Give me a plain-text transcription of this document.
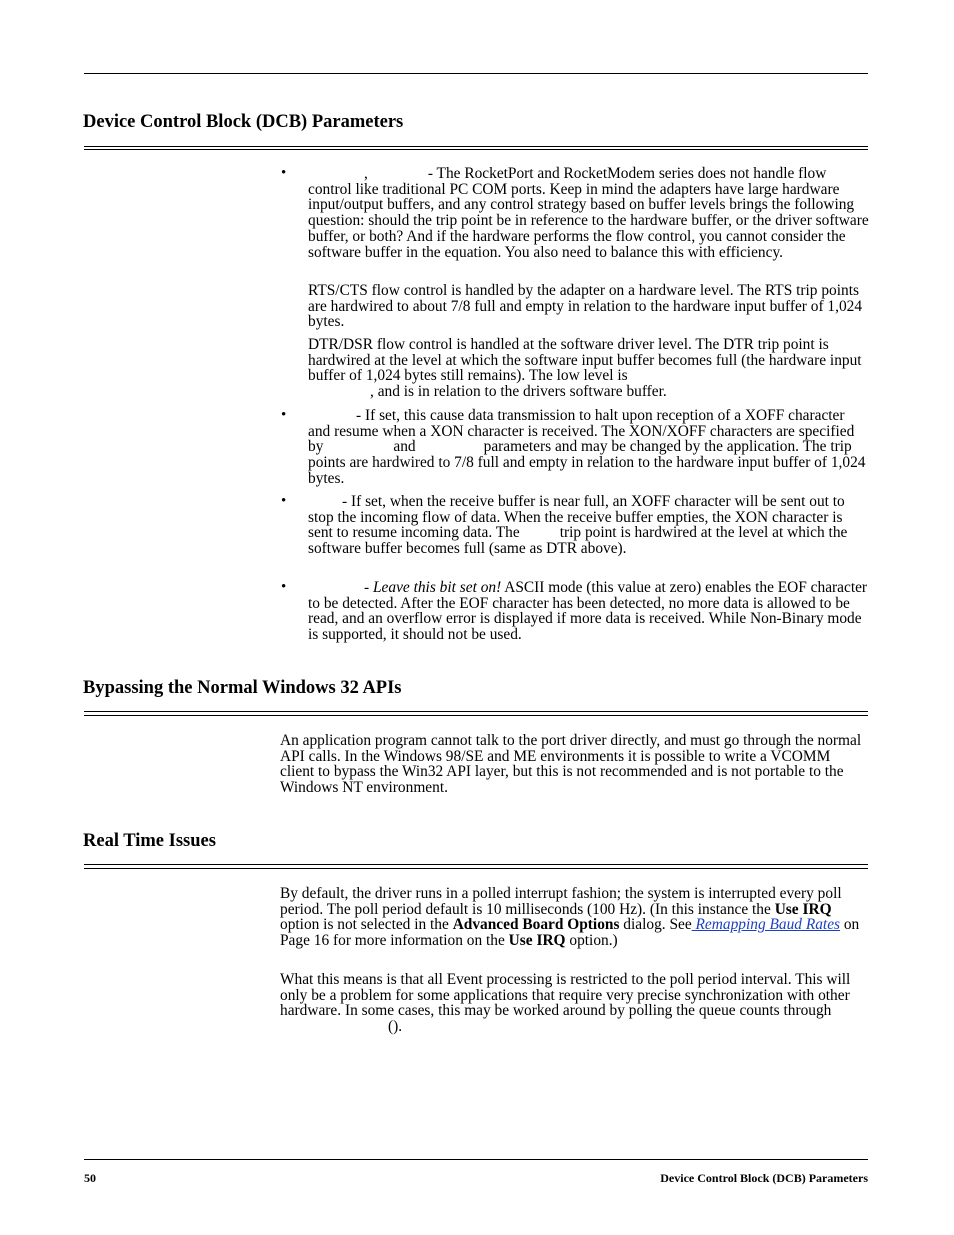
Device Control Block (DCB) Parameters
•	,	- The RocketPort and RocketModem series does not handle flow control like traditional PC COM ports. Keep in mind the adapters have large hardware input/output buffers, and any control strategy based on buffer levels brings the following question: should the trip point be in reference to the hardware buffer, or the driver software buffer, or both? And if the hardware performs the flow control, you cannot consider the software buffer in the equation. You also need to balance this with efficiency.

RTS/CTS flow control is handled by the adapter on a hardware level. The RTS trip points are hardwired to about 7/8 full and empty in relation to the hardware input buffer of 1,024 bytes.

DTR/DSR flow control is handled at the software driver level. The DTR trip point is hardwired at the level at which the software input buffer becomes full (the hardware input buffer of 1,024 bytes still remains). The low level is
, and is in relation to the drivers software buffer.

•	- If set, this cause data transmission to halt upon reception of a XOFF character and resume when a XON character is received. The XON/XOFF characters are specified by	and	parameters and may be changed by the application. The trip points are hardwired to 7/8 full and empty in relation to the hardware input buffer of 1,024 bytes.

•	- If set, when the receive buffer is near full, an XOFF character will be sent out to stop the incoming flow of data. When the receive buffer empties, the XON character is sent to resume incoming data. The	trip point is hardwired at the level at which the software buffer becomes full (same as DTR above).

•	- Leave this bit set on! ASCII mode (this value at zero) enables the EOF character to be detected. After the EOF character has been detected, no more data is allowed to be read, and an overflow error is displayed if more data is received. While Non-Binary mode is supported, it should not be used.

Bypassing the Normal Windows 32 APIs
An application program cannot talk to the port driver directly, and must go through the normal API calls. In the Windows 98/SE and ME environments it is possible to write a VCOMM client to bypass the Win32 API layer, but this is not recommended and is not portable to the Windows NT environment.
Real Time Issues

By default, the driver runs in a polled interrupt fashion; the system is interrupted every poll period. The poll period default is 10 milliseconds (100 Hz). (In this instance the Use IRQ option is not selected in the Advanced Board Options dialog. See Remapping Baud Rates on Page 16 for more information on the Use IRQ option.)

What this means is that all Event processing is restricted to the poll period interval. This will only be a problem for some applications that require very precise synchronization with other hardware. In some cases, this may be worked around by polling the queue counts through().

50	Device Control Block (DCB) Parameters
